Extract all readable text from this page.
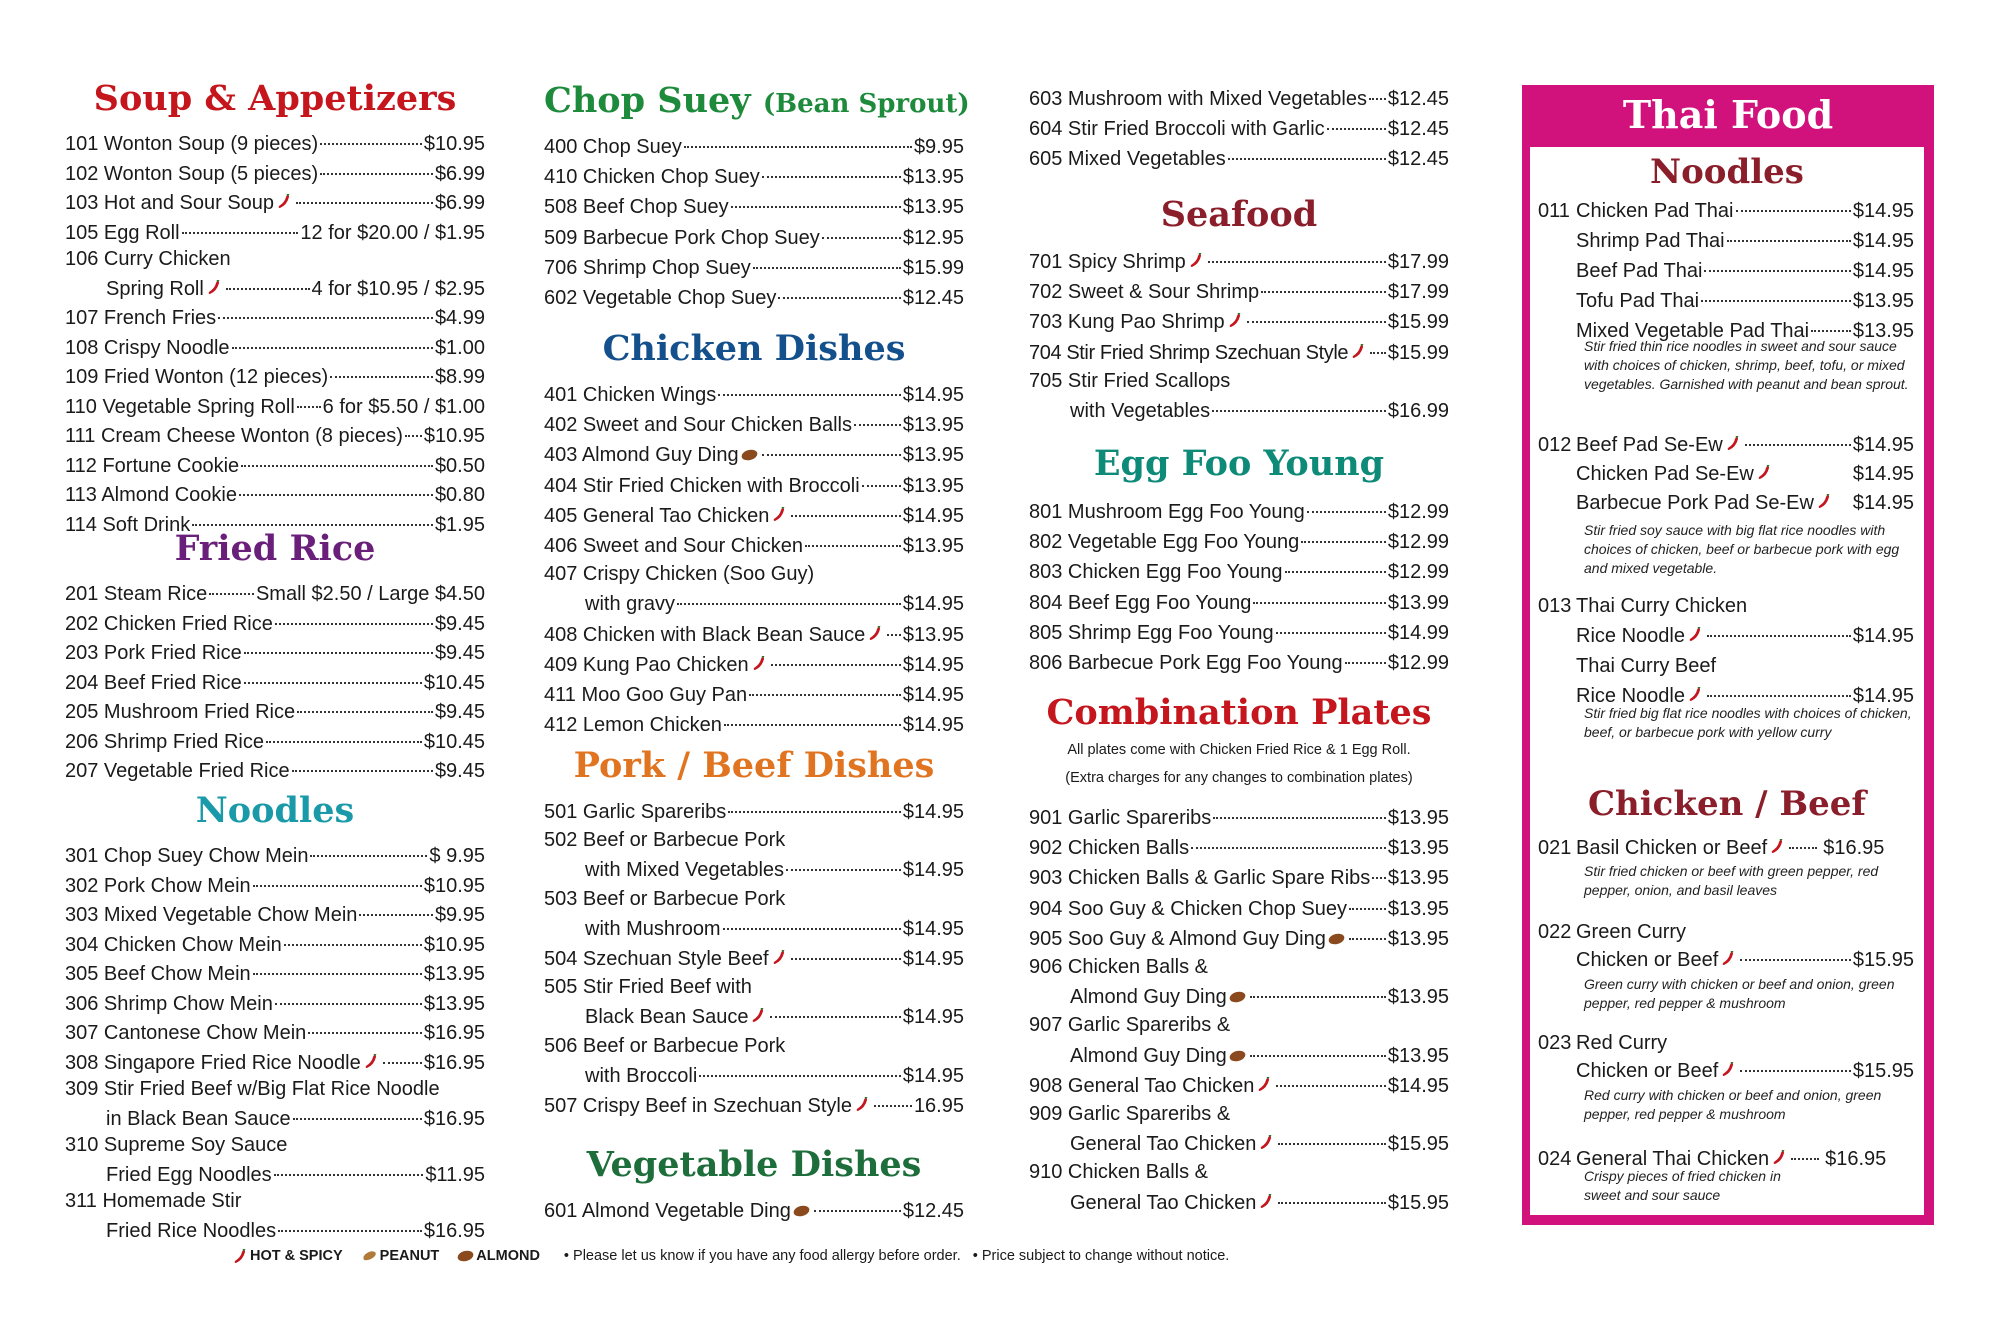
Soup & Appetizers
101 Wonton Soup (9 pieces)	$10.95
102 Wonton Soup (5 pieces)	$6.99
103 Hot and Sour Soup	$6.99
105 Egg Roll	12 for $20.00 / $1.95
106 Curry Chicken
Spring Roll	4 for $10.95 / $2.95
107 French Fries	$4.99
108 Crispy Noodle	$1.00
109 Fried Wonton (12 pieces)	$8.99
110 Vegetable Spring Roll 6 for $5.50 / $1.00
111 Cream Cheese Wonton (8 pieces) $10.95
112 Fortune Cookie	$0.50
113 Almond Cookie	$0.80
114 Soft Drink	$1.95
Fried Rice
201 Steam Rice Small $2.50 / Large $4.50
202 Chicken Fried Rice	$9.45
203 Pork Fried Rice	$9.45
204 Beef Fried Rice	$10.45
205 Mushroom Fried Rice	$9.45
206 Shrimp Fried Rice	$10.45
207 Vegetable Fried Rice	$9.45
Noodles
301 Chop Suey Chow Mein	$ 9.95
302 Pork Chow Mein	$10.95
303 Mixed Vegetable Chow Mein	$9.95
304 Chicken Chow Mein	$10.95
305 Beef Chow Mein	$13.95
306 Shrimp Chow Mein	$13.95
307 Cantonese Chow Mein	$16.95
308 Singapore Fried Rice Noodle	$16.95
309 Stir Fried Beef w/Big Flat Rice Noodle
in Black Bean Sauce	$16.95
310 Supreme Soy Sauce
Fried Egg Noodles	$11.95
311 Homemade Stir
Fried Rice Noodles	$16.95
Chop Suey (Bean Sprout)
400 Chop Suey	$9.95
410 Chicken Chop Suey	$13.95
508 Beef Chop Suey	$13.95
509 Barbecue Pork Chop Suey	$12.95
706 Shrimp Chop Suey	$15.99
602 Vegetable Chop Suey	$12.45
Chicken Dishes
401 Chicken Wings	$14.95
402 Sweet and Sour Chicken Balls	$13.95
403 Almond Guy Ding	$13.95
404 Stir Fried Chicken with Broccoli $13.95
405 General Tao Chicken	$14.95
406 Sweet and Sour Chicken	$13.95
407 Crispy Chicken (Soo Guy)
with gravy	$14.95
408 Chicken with Black Bean Sauce $13.95
409 Kung Pao Chicken	$14.95
411 Moo Goo Guy Pan	$14.95
412 Lemon Chicken	$14.95
Pork / Beef Dishes
501 Garlic Spareribs	$14.95
502 Beef or Barbecue Pork
with Mixed Vegetables	$14.95
503 Beef or Barbecue Pork
with Mushroom	$14.95
504 Szechuan Style Beef	$14.95
505 Stir Fried Beef with
Black Bean Sauce	$14.95
506 Beef or Barbecue Pork
with Broccoli	$14.95
507 Crispy Beef in Szechuan Style	16.95
Vegetable Dishes
601 Almond Vegetable Ding	$12.45
603 Mushroom with Mixed Vegetables $12.45
604 Stir Fried Broccoli with Garlic	$12.45
605 Mixed Vegetables	$12.45
Seafood
701 Spicy Shrimp	$17.99
702 Sweet & Sour Shrimp	$17.99
703 Kung Pao Shrimp	$15.99
704 Stir Fried Shrimp Szechuan Style $15.99
705 Stir Fried Scallops
with Vegetables	$16.99
Egg Foo Young
801 Mushroom Egg Foo Young	$12.99
802 Vegetable Egg Foo Young	$12.99
803 Chicken Egg Foo Young	$12.99
804 Beef Egg Foo Young	$13.99
805 Shrimp Egg Foo Young	$14.99
806 Barbecue Pork Egg Foo Young $12.99
Combination Plates
All plates come with Chicken Fried Rice & 1 Egg Roll.
(Extra charges for any changes to combination plates)
901 Garlic Spareribs	$13.95
902 Chicken Balls	$13.95
903 Chicken Balls & Garlic Spare Ribs $13.95
904 Soo Guy & Chicken Chop Suey $13.95
905 Soo Guy & Almond Guy Ding	$13.95
906 Chicken Balls &
Almond Guy Ding	$13.95
907 Garlic Spareribs &
Almond Guy Ding	$13.95
908 General Tao Chicken	$14.95
909 Garlic Spareribs &
General Tao Chicken	$15.95
910 Chicken Balls &
General Tao Chicken	$15.95
Thai Food
Noodles
011 Chicken Pad Thai	$14.95
Shrimp Pad Thai	$14.95
Beef Pad Thai	$14.95
Tofu Pad Thai	$13.95
Mixed Vegetable Pad Thai $13.95
Stir fried thin rice noodles in sweet and sour sauce with choices of chicken, shrimp, beef, tofu, or mixed vegetables. Garnished with peanut and bean sprout.
012 Beef Pad Se-Ew	$14.95
Chicken Pad Se-Ew	$14.95
Barbecue Pork Pad Se-Ew $14.95
Stir fried soy sauce with big flat rice noodles with choices of chicken, beef or barbecue pork with egg and mixed vegetable.
013 Thai Curry Chicken
Rice Noodle	$14.95
Thai Curry Beef
Rice Noodle	$14.95
Stir fried big flat rice noodles with choices of chicken, beef, or barbecue pork with yellow curry
Chicken / Beef
021 Basil Chicken or Beef	$16.95
Stir fried chicken or beef with green pepper, red pepper, onion, and basil leaves
022 Green Curry
Chicken or Beef	$15.95
Green curry with chicken or beef and onion, green pepper, red pepper & mushroom
023 Red Curry
Chicken or Beef	$15.95
Red curry with chicken or beef and onion, green pepper, red pepper & mushroom
024 General Thai Chicken	$16.95
Crispy pieces of fried chicken in sweet and sour sauce
HOT & SPICY	PEANUT	ALMOND • Please let us know if you have any food allergy before order. • Price subject to change without notice.
